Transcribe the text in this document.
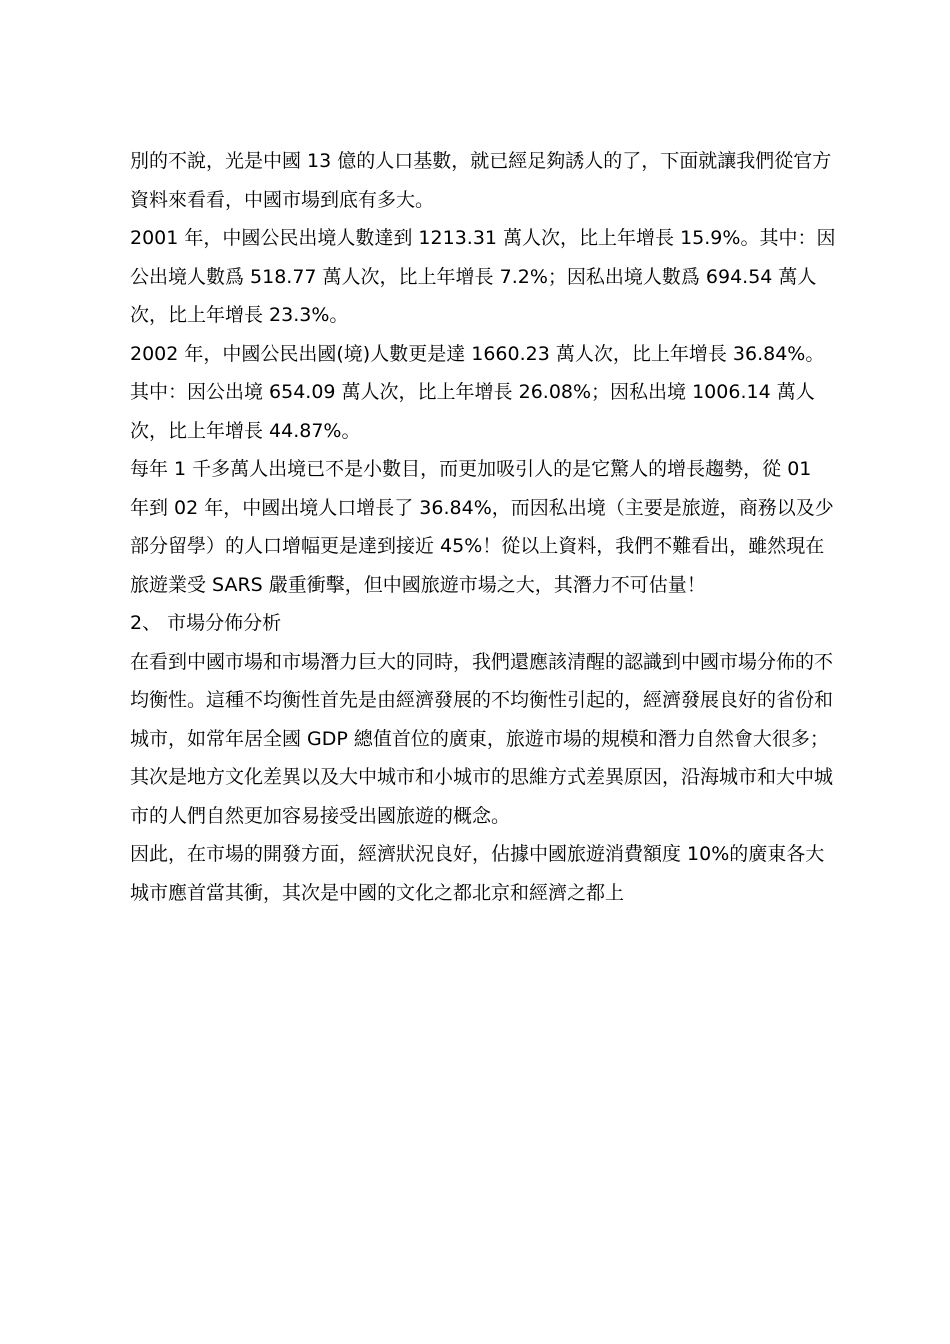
別的不說，光是中國 13 億的人口基數，就已經足夠誘人的了，下面就讓我們從官方資料來看看，中國市場到底有多大。

2001 年，中國公民出境人數達到 1213.31 萬人次，比上年增長 15.9%。其中：因公出境人數爲 518.77 萬人次，比上年增長 7.2%；因私出境人數爲 694.54 萬人次，比上年增長 23.3%。

2002 年，中國公民出國(境)人數更是達 1660.23 萬人次，比上年增長 36.84%。其中：因公出境 654.09 萬人次，比上年增長 26.08%；因私出境 1006.14 萬人次，比上年增長 44.87%。

每年 1 千多萬人出境已不是小數目，而更加吸引人的是它驚人的增長趨勢，從 01 年到 02 年，中國出境人口增長了 36.84%，而因私出境（主要是旅遊，商務以及少部分留學）的人口增幅更是達到接近 45%！從以上資料，我們不難看出，雖然現在旅遊業受 SARS 嚴重衝擊，但中國旅遊市場之大，其潛力不可估量！

2、 市場分佈分析

在看到中國市場和市場潛力巨大的同時，我們還應該清醒的認識到中國市場分佈的不均衡性。這種不均衡性首先是由經濟發展的不均衡性引起的，經濟發展良好的省份和城市，如常年居全國 GDP 總值首位的廣東，旅遊市場的規模和潛力自然會大很多；其次是地方文化差異以及大中城市和小城市的思維方式差異原因，沿海城市和大中城市的人們自然更加容易接受出國旅遊的概念。

因此，在市場的開發方面，經濟狀況良好，佔據中國旅遊消費額度 10%的廣東各大城市應首當其衝，其次是中國的文化之都北京和經濟之都上
